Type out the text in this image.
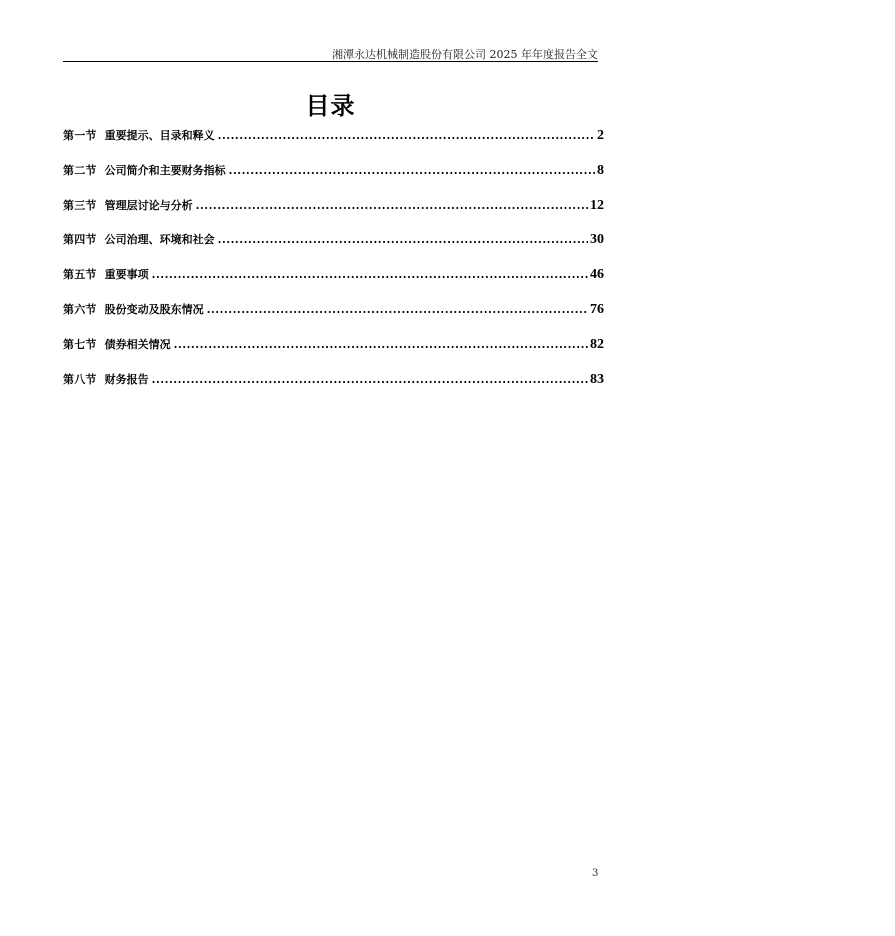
湘潭永达机械制造股份有限公司 2025 年年度报告全文
目录
第一节 重要提示、目录和释义 .....	2
第二节 公司简介和主要财务指标 .....	8
第三节 管理层讨论与分析 .....	12
第四节 公司治理、环境和社会 .....	30
第五节 重要事项 .....	46
第六节 股份变动及股东情况 .....	76
第七节 债券相关情况 .....	82
第八节 财务报告 .....	83
3
